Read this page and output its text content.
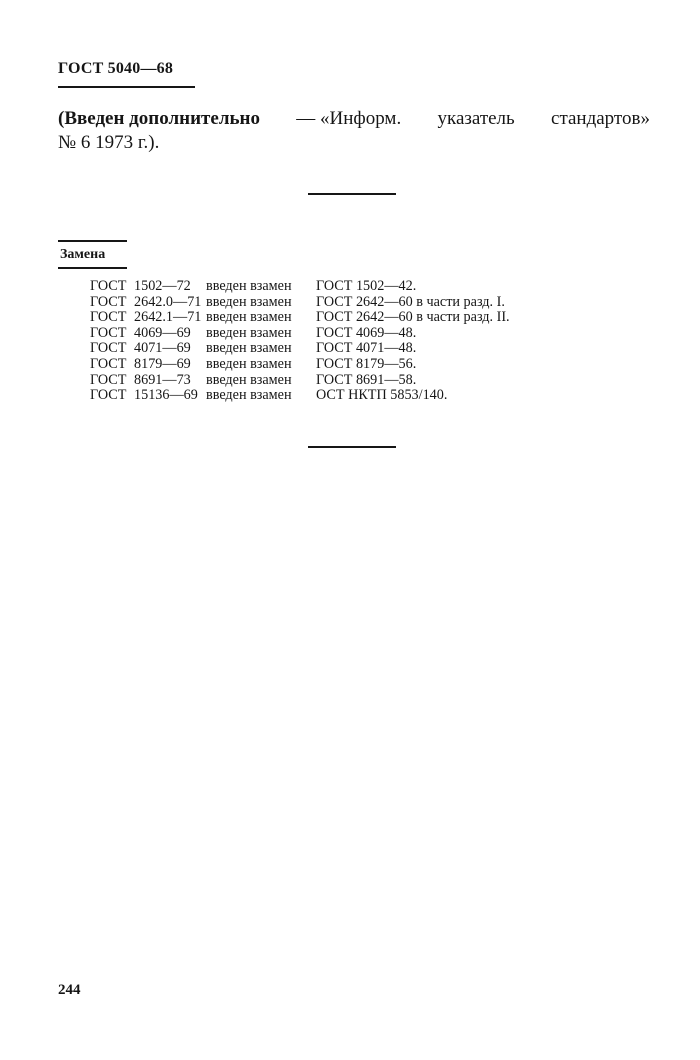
ГОСТ 5040—68
(Введен дополнительно — «Информ. указатель стандартов»
№ 6 1973 г.).
Замена
ГОСТ 1502—72 введен взамен ГОСТ 1502—42.
ГОСТ 2642.0—71 введен взамен ГОСТ 2642—60 в части разд. I.
ГОСТ 2642.1—71 введен взамен ГОСТ 2642—60 в части разд. II.
ГОСТ 4069—69 введен взамен ГОСТ 4069—48.
ГОСТ 4071—69 введен взамен ГОСТ 4071—48.
ГОСТ 8179—69 введен взамен ГОСТ 8179—56.
ГОСТ 8691—73 введен взамен ГОСТ 8691—58.
ГОСТ 15136—69 введен взамен ОСТ НКТП 5853/140.
244
